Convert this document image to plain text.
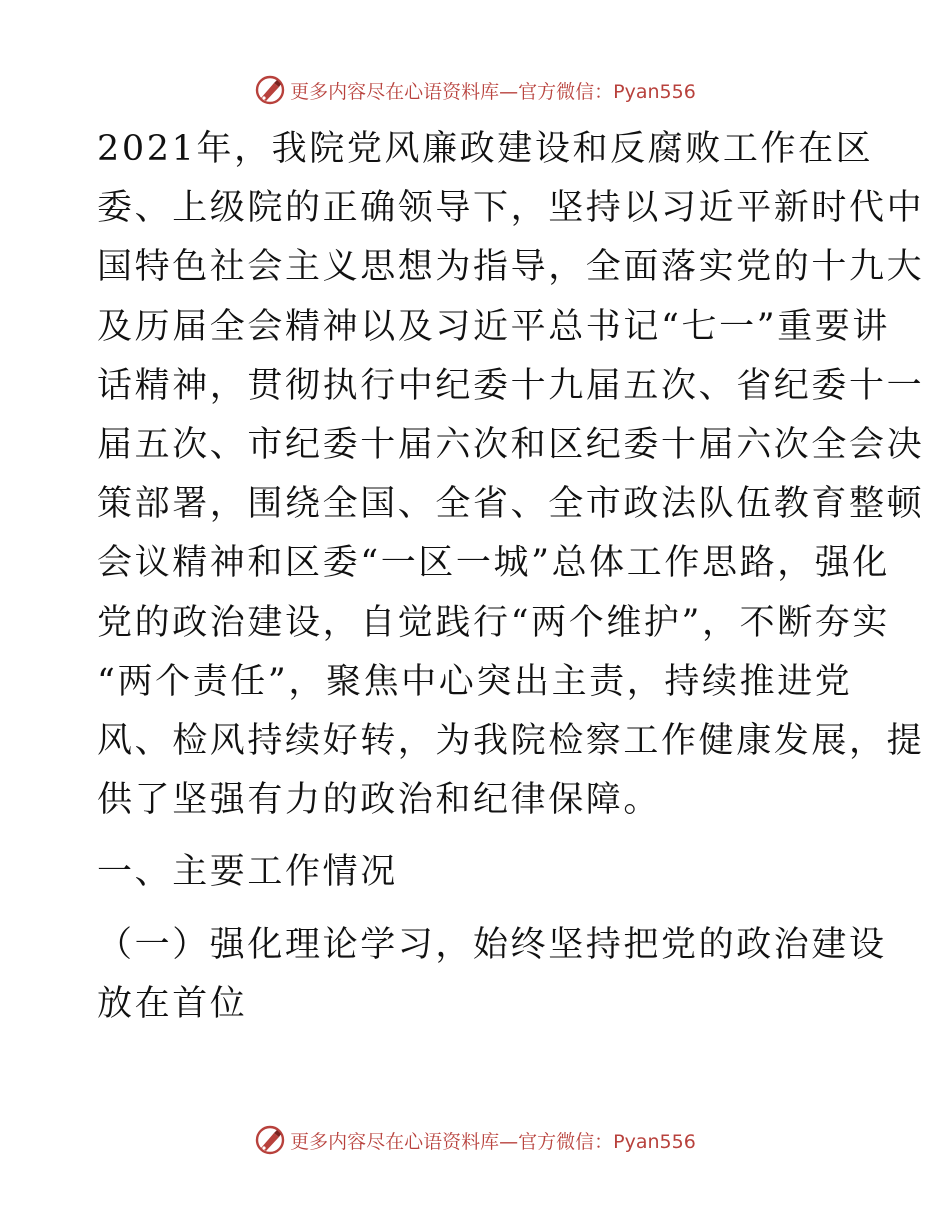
更多内容尽在心语资料库— 官方微信：Pyan556

2021年，我院党风廉政建设和反腐败工作在区
委、上级院的正确领导下，坚持以习近平新时代中
国特色社会主义思想为指导，全面落实党的十九大
及历届全会精神以及习近平总书记“七一”重要讲
话精神，贯彻执行中纪委十九届五次、省纪委十一
届五次、市纪委十届六次和区纪委十届六次全会决
策部署，围绕全国、全省、全市政法队伍教育整顿
会议精神和区委“一区一城”总体工作思路，强化
党的政治建设，自觉践行“两个维护”，不断夯实
“两个责任”，聚焦中心突出主责，持续推进党
风、检风持续好转，为我院检察工作健康发展，提
供了坚强有力的政治和纪律保障。

一、主要工作情况

（一）强化理论学习，始终坚持把党的政治建设
放在首位

更多内容尽在心语资料库— 官方微信：Pyan556
